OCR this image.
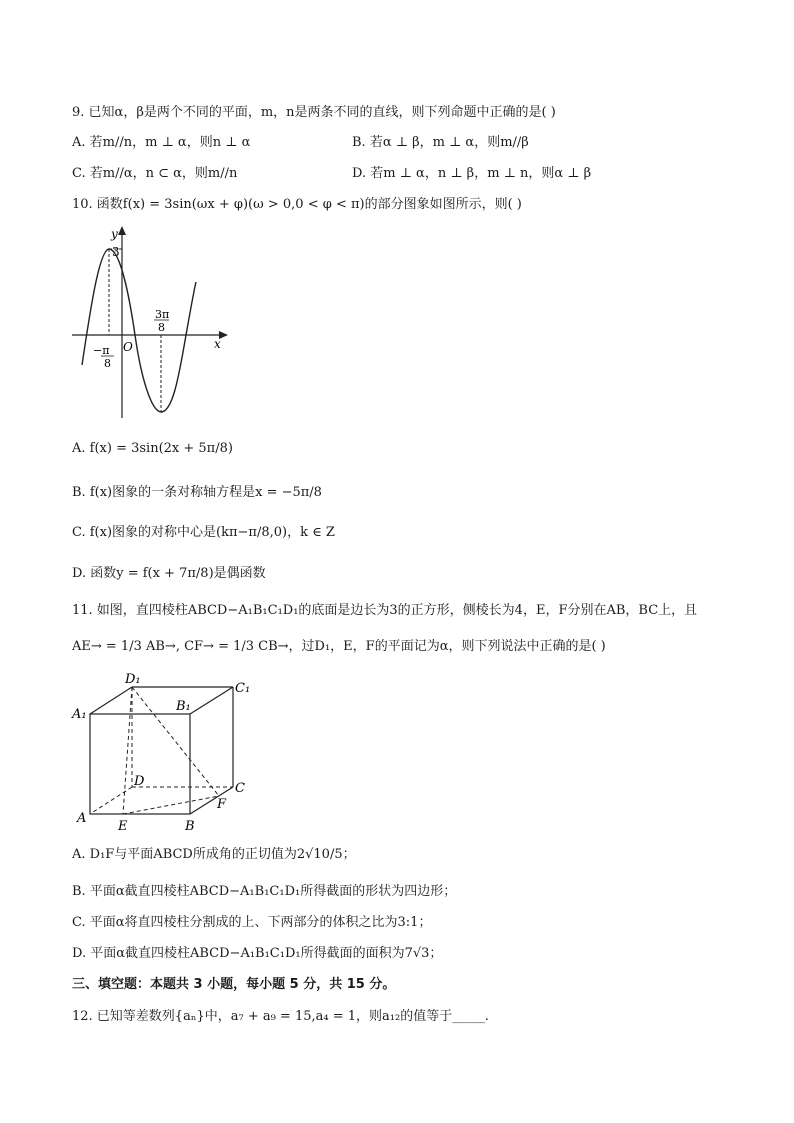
9. 已知α，β是两个不同的平面，m，n是两条不同的直线，则下列命题中正确的是( )
A. 若m//n，m ⊥ α，则n ⊥ α	B. 若α ⊥ β，m ⊥ α，则m//β
C. 若m//α，n ⊂ α，则m//n	D. 若m ⊥ α，n ⊥ β，m ⊥ n，则α ⊥ β
10. 函数f(x) = 3sin(ωx + φ)(ω > 0,0 < φ < π)的部分图象如图所示，则( )
y
x
3
O
−π
8
3π
8
A. f(x) = 3sin(2x + 5π/8)
B. f(x)图象的一条对称轴方程是x = −5π/8
C. f(x)图象的对称中心是(kπ−π/8,0)，k ∈ Z
D. 函数y = f(x + 7π/8)是偶函数
11. 如图，直四棱柱ABCD−A₁B₁C₁D₁的底面是边长为3的正方形，侧棱长为4，E，F分别在AB，BC上，且
AE→ = 1/3 AB→, CF→ = 1/3 CB→，过D₁，E，F的平面记为α，则下列说法中正确的是( )
D₁
C₁
A₁
B₁
D	C
F
A
E	B
A. D₁F与平面ABCD所成角的正切值为2√10/5；
B. 平面α截直四棱柱ABCD−A₁B₁C₁D₁所得截面的形状为四边形；
C. 平面α将直四棱柱分割成的上、下两部分的体积之比为3:1；
D. 平面α截直四棱柱ABCD−A₁B₁C₁D₁所得截面的面积为7√3；
三、填空题：本题共 3 小题，每小题 5 分，共 15 分。
12. 已知等差数列{aₙ}中，a₇ + a₉ = 15,a₄ = 1，则a₁₂的值等于_____.
